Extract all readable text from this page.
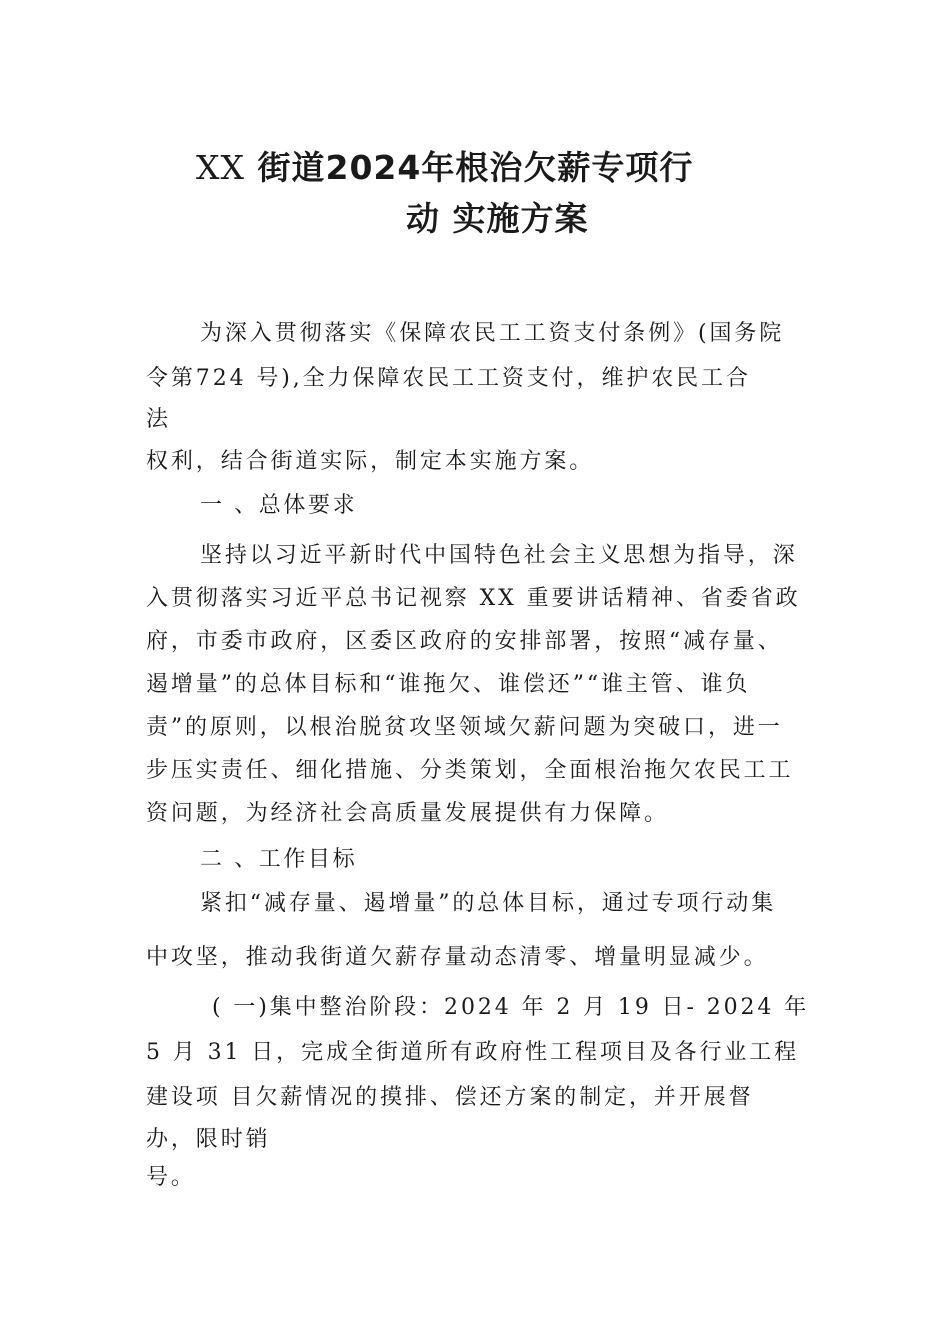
XX 街道2024年根治欠薪专项行
动 实施方案

为深入贯彻落实《保障农民工工资支付条例》(国务院

令第724 号),全力保障农民工工资支付，维护农民工合

法

权利，结合街道实际，制定本实施方案。

一 、总体要求

坚持以习近平新时代中国特色社会主义思想为指导，深

入贯彻落实习近平总书记视察 XX 重要讲话精神、省委省政

府，市委市政府，区委区政府的安排部署，按照“减存量、

遏增量”的总体目标和“谁拖欠、谁偿还”“谁主管、谁负

责”的原则，以根治脱贫攻坚领域欠薪问题为突破口，进一

步压实责任、细化措施、分类策划，全面根治拖欠农民工工

资问题，为经济社会高质量发展提供有力保障。

二 、工作目标

紧扣“减存量、遏增量”的总体目标，通过专项行动集

中攻坚，推动我街道欠薪存量动态清零、增量明显减少。

( 一)集中整治阶段：2024 年 2 月 19 日- 2024 年

5 月 31 日，完成全街道所有政府性工程项目及各行业工程

建设项 目欠薪情况的摸排、偿还方案的制定，并开展督

办，限时销

号。
